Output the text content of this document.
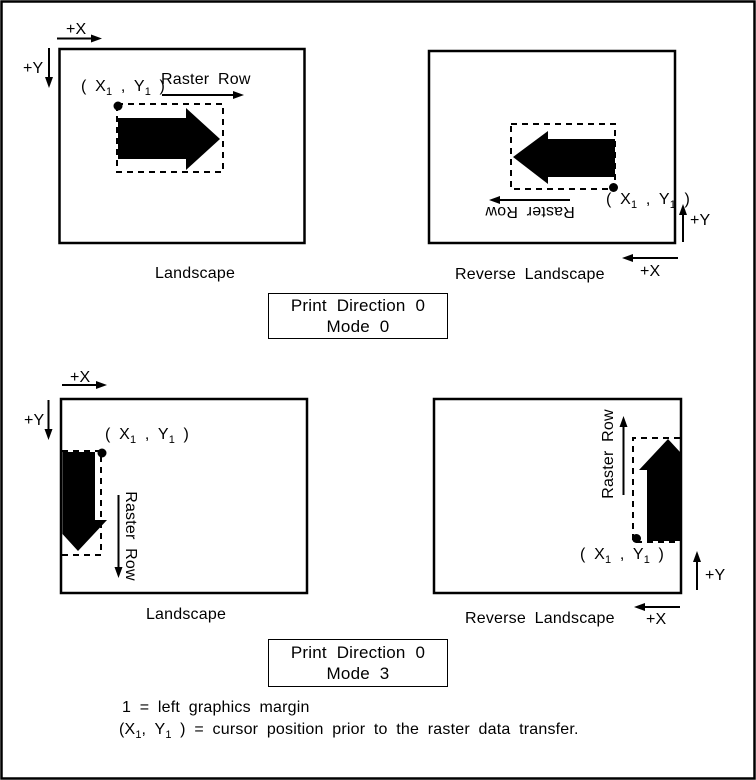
+X
+Y
( $X_1$ , $Y_1$ )
Raster Row
Landscape
( $X_1$ , $Y_1$ )
Raster Row
+Y
+X
Reverse Landscape
Print Direction 0
Mode 0
+X
+Y
( $X_1$ , $Y_1$ )
Raster Row
Landscape
Raster Row
( $X_1$ , $Y_1$ )
+Y
+X
Reverse Landscape
Print Direction 0
Mode 3
1 = left graphics margin
($X_1$, $Y_1$ ) = cursor position prior to the raster data transfer.
